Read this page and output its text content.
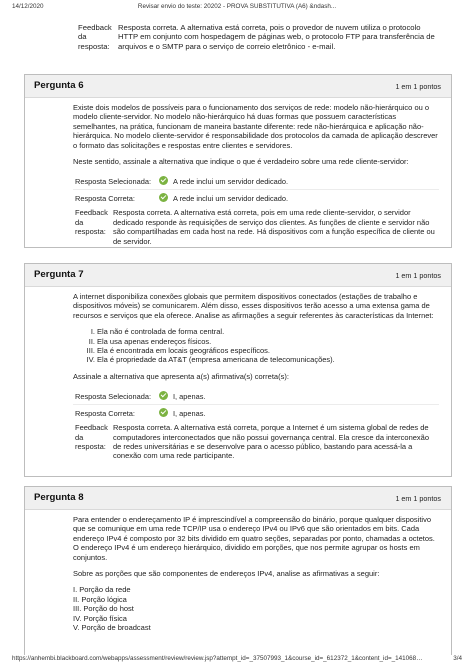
14/12/2020	Revisar envio do teste: 20202 - PROVA SUBSTITUTIVA (A6) &ndash...
Feedback da resposta:
Resposta correta. A alternativa está correta, pois o provedor de nuvem utiliza o protocolo HTTP em conjunto com hospedagem de páginas web, o protocolo FTP para transferência de arquivos e o SMTP para o serviço de correio eletrônico - e-mail.
Pergunta 6	1 em 1 pontos

Existe dois modelos de possíveis para o funcionamento dos serviços de rede: modelo não-hierárquico ou o modelo cliente-servidor. No modelo não-hierárquico há duas formas que possuem características semelhantes, na prática, funcionam de maneira bastante diferente: rede não-hierárquica e aplicação não-hierárquica. No modelo cliente-servidor é responsabilidade dos protocolos da camada de aplicação descrever o formato das solicitações e respostas entre clientes e servidores.

Neste sentido, assinale a alternativa que indique o que é verdadeiro sobre uma rede cliente-servidor:

Resposta Selecionada:	A rede inclui um servidor dedicado.
Resposta Correta:	A rede inclui um servidor dedicado.
Feedback da resposta:
Resposta correta. A alternativa está correta, pois em uma rede cliente-servidor, o servidor dedicado responde às requisições de serviço dos clientes. As funções de cliente e servidor não são compartilhadas em cada host na rede. Há dispositivos com a função específica de cliente ou de servidor.
Pergunta 7	1 em 1 pontos

A internet disponibiliza conexões globais que permitem dispositivos conectados (estações de trabalho e dispositivos móveis) se comunicarem. Além disso, esses dispositivos terão acesso a uma extensa gama de recursos e serviços que ela oferece. Analise as afirmações a seguir referentes às características da Internet:

I. Ela não é controlada de forma central.
II. Ela usa apenas endereços físicos.
III. Ela é encontrada em locais geográficos específicos.
IV. Ela é propriedade da AT&T (empresa americana de telecomunicações).

Assinale a alternativa que apresenta a(s) afirmativa(s) correta(s):

Resposta Selecionada:	I, apenas.
Resposta Correta:	I, apenas.
Feedback da resposta:
Resposta correta. A alternativa está correta, porque a Internet é um sistema global de redes de computadores interconectados que não possui governança central. Ela cresce da interconexão de redes universitárias e se desenvolve para o acesso público, bastando para acessá-la a conexão com uma rede participante.
Pergunta 8	1 em 1 pontos

Para entender o endereçamento IP é imprescindível a compreensão do binário, porque qualquer dispositivo que se comunique em uma rede TCP/IP usa o endereço IPv4 ou IPv6 que são orientados em bits. Cada endereço IPv4 é composto por 32 bits dividido em quatro seções, separadas por ponto, chamadas a octetos. O endereço IPv4 é um endereço hierárquico, dividido em porções, que nos permite agrupar os hosts em conjuntos.

Sobre as porções que são componentes de endereços IPv4, analise as afirmativas a seguir:

I. Porção da rede
II. Porção lógica
III. Porção do host
IV. Porção física
V. Porção de broadcast
https://anhembi.blackboard.com/webapps/assessment/review/review.jsp?attempt_id=_37507993_1&course_id=_612372_1&content_id=_141068…	3/4
